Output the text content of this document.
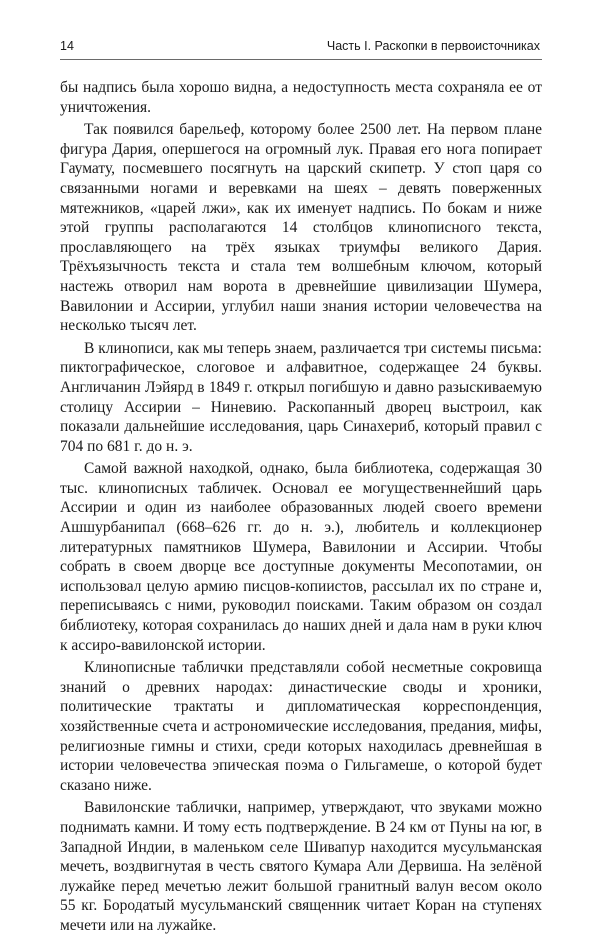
14	Часть I. Раскопки в первоисточниках

бы надпись была хорошо видна, а недоступность места сохраняла ее от уничтожения.

Так появился барельеф, которому более 2500 лет. На первом плане фигура Дария, опершегося на огромный лук. Правая его нога попирает Гаумату, посмевшего посягнуть на царский скипетр. У стоп царя со связанными ногами и веревками на шеях – девять поверженных мятежников, «царей лжи», как их именует надпись. По бокам и ниже этой группы располагаются 14 столбцов клинописного текста, прославляющего на трёх языках триумфы великого Дария. Трёхъязычность текста и стала тем волшебным ключом, который настежь отворил нам ворота в древнейшие цивилизации Шумера, Вавилонии и Ассирии, углубил наши знания истории человечества на несколько тысяч лет.

В клинописи, как мы теперь знаем, различается три системы письма: пиктографическое, слоговое и алфавитное, содержащее 24 буквы. Англичанин Лэйярд в 1849 г. открыл погибшую и давно разыскиваемую столицу Ассирии – Ниневию. Раскопанный дворец выстроил, как показали дальнейшие исследования, царь Синахериб, который правил с 704 по 681 г. до н. э.

Самой важной находкой, однако, была библиотека, содержащая 30 тыс. клинописных табличек. Основал ее могущественнейший царь Ассирии и один из наиболее образованных людей своего времени Ашшурбанипал (668–626 гг. до н. э.), любитель и коллекционер литературных памятников Шумера, Вавилонии и Ассирии. Чтобы собрать в своем дворце все доступные документы Месопотамии, он использовал целую армию писцов-копиистов, рассылал их по стране и, переписываясь с ними, руководил поисками. Таким образом он создал библиотеку, которая сохранилась до наших дней и дала нам в руки ключ к ассиро-вавилонской истории.

Клинописные таблички представляли собой несметные сокровища знаний о древних народах: династические своды и хроники, политические трактаты и дипломатическая корреспонденция, хозяйственные счета и астрономические исследования, предания, мифы, религиозные гимны и стихи, среди которых находилась древнейшая в истории человечества эпическая поэма о Гильгамеше, о которой будет сказано ниже.

Вавилонские таблички, например, утверждают, что звуками можно поднимать камни. И тому есть подтверждение. В 24 км от Пуны на юг, в Западной Индии, в маленьком селе Шивапур находится мусульманская мечеть, воздвигнутая в честь святого Кумара Али Дервиша. На зелёной лужайке перед мечетью лежит большой гранитный валун весом около 55 кг. Бородатый мусульманский священник читает Коран на ступенях мечети или на лужайке.
